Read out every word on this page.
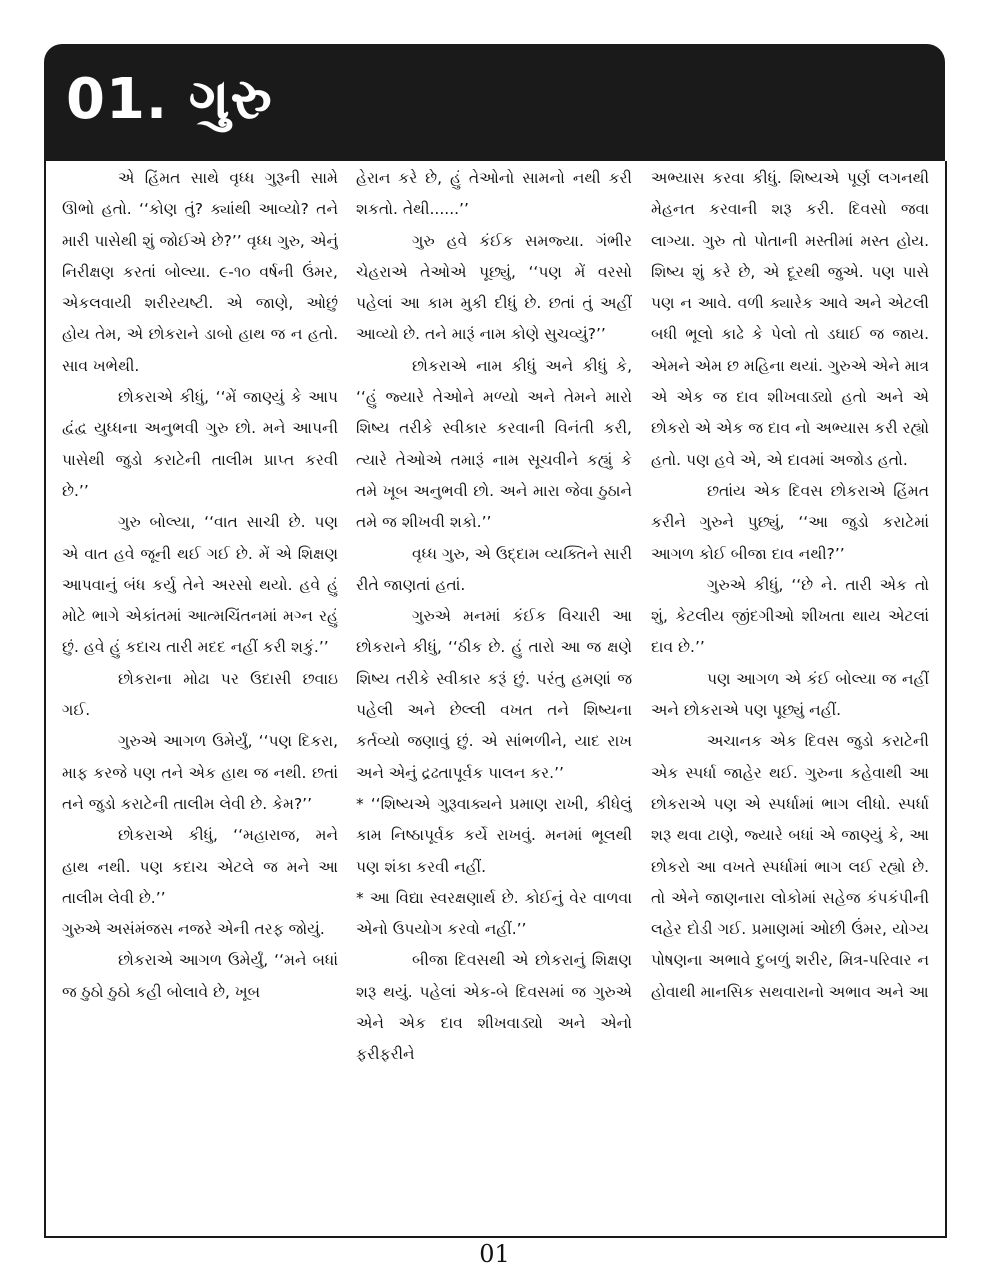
01. ગુરુ

એ હિંમત સાથે વૃધ્ધ ગુરૂની સામે ઊભો હતો. ‘‘કોણ તું? ક્યાંથી આવ્યો? તને મારી પાસેથી શું જોઈએ છે?’’ વૃધ્ધ ગુરુ, એનું નિરીક્ષણ કરતાં બોલ્યા. ૯-૧૦ વર્ષની ઉંમર, એકલવાયી શરીરયષ્ટી. એ જાણે, ઓછું હોય તેમ, એ છોકરાને ડાબો હાથ જ ન હતો. સાવ ખભેથી.

છોકરાએ કીધું, ‘‘મેં જાણ્યું કે આપ દ્વંદ્વ યુધ્ધના અનુભવી ગુરુ છો. મને આપની પાસેથી જુડો કરાટેની તાલીમ પ્રાપ્ત કરવી છે.’’

ગુરુ બોલ્યા, ‘‘વાત સાચી છે. પણ એ વાત હવે જૂની થઈ ગઈ છે. મેં એ શિક્ષણ આપવાનું બંધ કર્યુ તેને અરસો થયો. હવે હું મોટે ભાગે એકાંતમાં આત્મચિંતનમાં મગ્ન રહું છું. હવે હું કદાચ તારી મદદ નહીં કરી શકું.’’

છોકરાના મોઢા પર ઉદાસી છવાઇ ગઈ.

ગુરુએ આગળ ઉમેર્યું, ‘‘પણ દિકરા, માફ કરજે પણ તને એક હાથ જ નથી. છતાં તને જુડો કરાટેની તાલીમ લેવી છે. કેમ?’’

છોકરાએ કીધું, ‘‘મહારાજ, મને હાથ નથી. પણ કદાચ એટલે જ મને આ તાલીમ લેવી છે.’’

ગુરુએ અસંમંજસ નજરે એની તરફ જોયું.

છોકરાએ આગળ ઉમેર્યું, ‘‘મને બધાં જ ઠુઠો ઠુઠો કહી બોલાવે છે, ખૂબ

હેરાન કરે છે, હું તેઓનો સામનો નથી કરી શકતો. તેથી......’’

ગુરુ હવે કંઈક સમજ્યા. ગંભીર ચેહરાએ તેઓએ પૂછ્યું, ‘‘પણ મેં વરસો પહેલાં આ કામ મુકી દીધું છે. છતાં તું અહીં આવ્યો છે. તને મારૂં નામ કોણે સુચવ્યું?’’

છોકરાએ નામ કીધું અને કીધું કે, ‘‘હું જ્યારે તેઓને મળ્યો અને તેમને મારો શિષ્ય તરીકે સ્વીકાર કરવાની વિનંતી કરી, ત્યારે તેઓએ તમારૂં નામ સૂચવીને કહ્યું કે તમે ખૂબ અનુભવી છો. અને મારા જેવા ઠુઠાને તમે જ શીખવી શકો.’’

વૃધ્ધ ગુરુ, એ ઉદ્દામ વ્યક્તિને સારી રીતે જાણતાં હતાં.

ગુરુએ મનમાં કંઈક વિચારી આ છોકરાને કીધું, ‘‘ઠીક છે. હું તારો આ જ ક્ષણે શિષ્ય તરીકે સ્વીકાર કરૂં છું. પરંતુ હમણાં જ પહેલી અને છેલ્લી વખત તને શિષ્યના કર્તવ્યો જણાવું છું. એ સાંભળીને, યાદ રાખ અને એનું દ્રઢતાપૂર્વક પાલન કર.’’

* ‘‘શિષ્યએ ગુરૂવાક્યને પ્રમાણ રાખી, કીધેલું કામ નિષ્ઠાપૂર્વક કર્યે રાખવું. મનમાં ભૂલથી પણ શંકા કરવી નહીં.

* આ વિદ્યા સ્વરક્ષણાર્થ છે. કોઈનું વેર વાળવા એનો ઉપયોગ કરવો નહીં.’’

બીજા દિવસથી એ છોકરાનું શિક્ષણ શરૂ થયું. પહેલાં એક-બે દિવસમાં જ ગુરુએ એને એક દાવ શીખવાડ્યો અને એનો ફરીફરીને

અભ્યાસ કરવા કીધું. શિષ્યએ પૂર્ણ લગનથી મેહનત કરવાની શરૂ કરી. દિવસો જવા લાગ્યા. ગુરુ તો પોતાની મસ્તીમાં મસ્ત હોય. શિષ્ય શું કરે છે, એ દૂરથી જુએ. પણ પાસે પણ ન આવે. વળી ક્યારેક આવે અને એટલી બધી ભૂલો કાઢે કે પેલો તો ડઘાઈ જ જાય. એમને એમ છ મહિના થયાં. ગુરુએ એને માત્ર એ એક જ દાવ શીખવાડ્યો હતો અને એ છોકરો એ એક જ દાવ નો અભ્યાસ કરી રહ્યો હતો. પણ હવે એ, એ દાવમાં અજોડ હતો.

છતાંય એક દિવસ છોકરાએ હિંમત કરીને ગુરુને પુછ્યું, ‘‘આ જુડો કરાટેમાં આગળ કોઈ બીજા દાવ નથી?’’

ગુરુએ કીધું, ‘‘છે ને. તારી એક તો શું, કેટલીય જીંદગીઓ શીખતા થાય એટલાં દાવ છે.’’

પણ આગળ એ કંઈ બોલ્યા જ નહીં અને છોકરાએ પણ પૂછ્યું નહીં.

અચાનક એક દિવસ જુડો કરાટેની એક સ્પર્ધા જાહેર થઈ. ગુરુના કહેવાથી આ છોકરાએ પણ એ સ્પર્ધામાં ભાગ લીધો. સ્પર્ધા શરૂ થવા ટાણે, જ્યારે બધાં એ જાણ્યું કે, આ છોકરો આ વખતે સ્પર્ધામાં ભાગ લઈ રહ્યો છે. તો એને જાણનારા લોકોમાં સહેજ કંપકંપીની લહેર દોડી ગઈ. પ્રમાણમાં ઓછી ઉંમર, યોગ્ય પોષણના અભાવે દુબળું શરીર, મિત્ર-પરિવાર ન હોવાથી માનસિક સથવારાનો અભાવ અને આ

01
